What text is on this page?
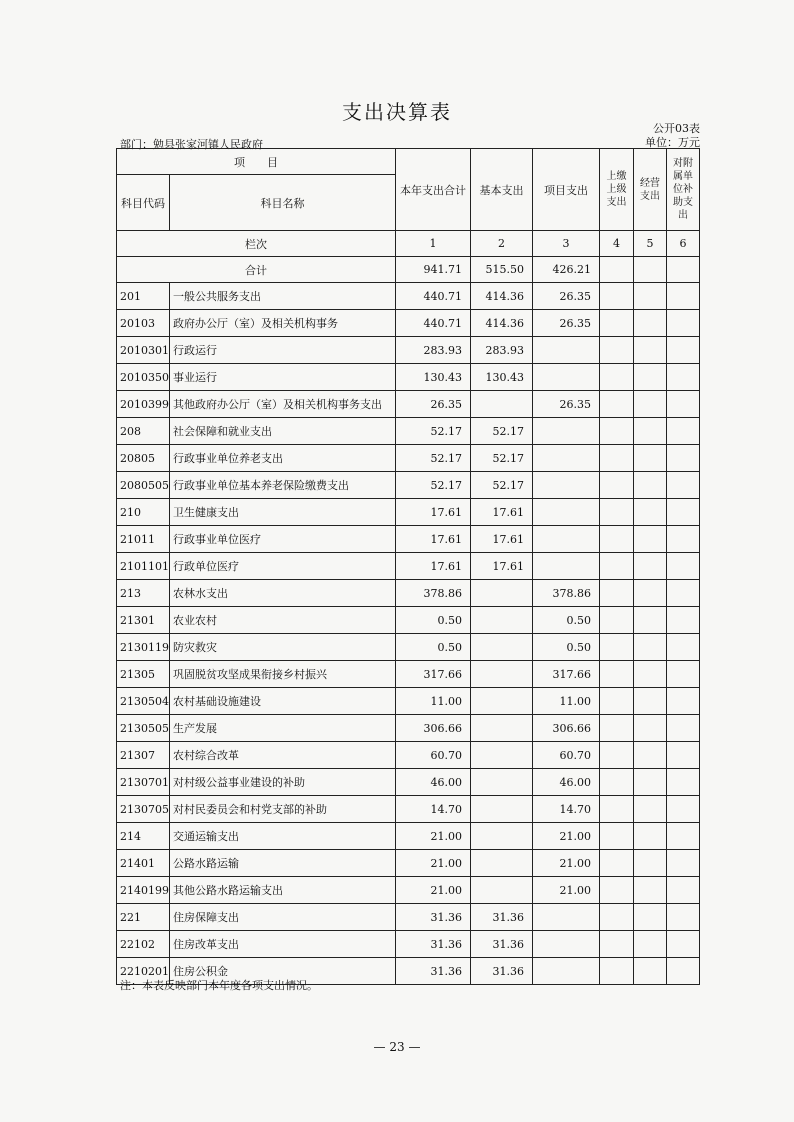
支出决算表
公开03表
部门：勉县张家河镇人民政府	单位：万元
项　　目		本年支出合计	基本支出	项目支出	上缴上级支出	经营支出	对附属单位补助支出
科目代码	科目名称						
栏次		1	2	3	4	5	6
合计		941.71	515.50	426.21			
201	一般公共服务支出	440.71	414.36	26.35			
20103	政府办公厅（室）及相关机构事务	440.71	414.36	26.35			
2010301	行政运行	283.93	283.93				
2010350	事业运行	130.43	130.43				
2010399	其他政府办公厅（室）及相关机构事务支出	26.35		26.35			
208	社会保障和就业支出	52.17	52.17				
20805	行政事业单位养老支出	52.17	52.17				
2080505	行政事业单位基本养老保险缴费支出	52.17	52.17				
210	卫生健康支出	17.61	17.61				
21011	行政事业单位医疗	17.61	17.61				
2101101	行政单位医疗	17.61	17.61				
213	农林水支出	378.86		378.86			
21301	农业农村	0.50		0.50			
2130119	防灾救灾	0.50		0.50			
21305	巩固脱贫攻坚成果衔接乡村振兴	317.66		317.66			
2130504	农村基础设施建设	11.00		11.00			
2130505	生产发展	306.66		306.66			
21307	农村综合改革	60.70		60.70			
2130701	对村级公益事业建设的补助	46.00		46.00			
2130705	对村民委员会和村党支部的补助	14.70		14.70			
214	交通运输支出	21.00		21.00			
21401	公路水路运输	21.00		21.00			
2140199	其他公路水路运输支出	21.00		21.00			
221	住房保障支出	31.36	31.36				
22102	住房改革支出	31.36	31.36				
2210201	住房公积金	31.36	31.36				
注：本表反映部门本年度各项支出情况。
— 23 —
